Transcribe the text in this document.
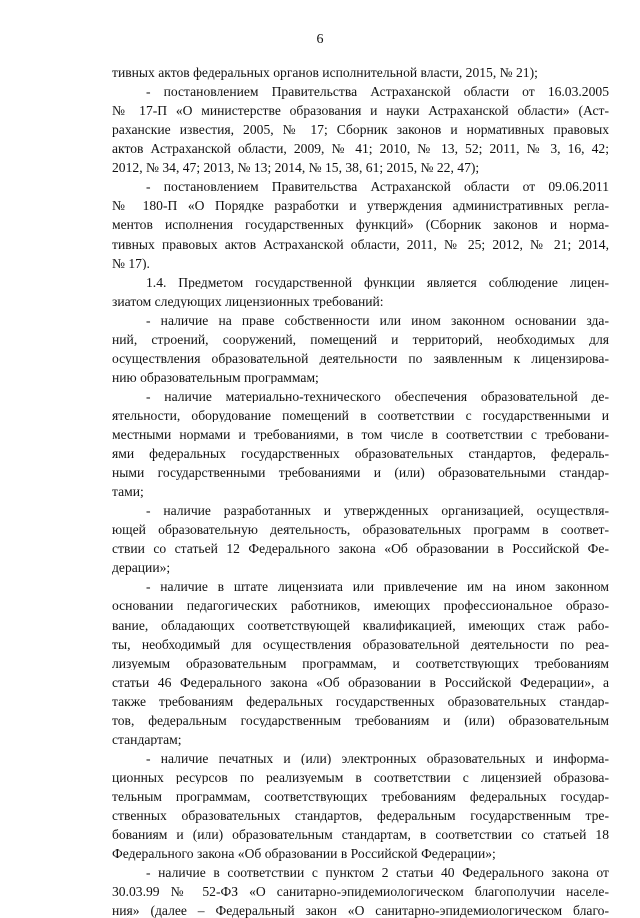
6
тивных актов федеральных органов исполнительной власти, 2015, № 21);
- постановлением Правительства Астраханской области от 16.03.2005
№ 17-П «О министерстве образования и науки Астраханской области» (Аст-
раханские известия, 2005, № 17; Сборник законов и нормативных правовых
актов Астраханской области, 2009, № 41; 2010, № 13, 52; 2011, № 3, 16, 42;
2012, № 34, 47; 2013, № 13; 2014, № 15, 38, 61; 2015, № 22, 47);
- постановлением Правительства Астраханской области от 09.06.2011
№ 180-П «О Порядке разработки и утверждения административных регла-
ментов исполнения государственных функций» (Сборник законов и норма-
тивных правовых актов Астраханской области, 2011, № 25; 2012, № 21; 2014,
№ 17).
1.4. Предметом государственной функции является соблюдение лицен-
зиатом следующих лицензионных требований:
- наличие на праве собственности или ином законном основании зда-
ний, строений, сооружений, помещений и территорий, необходимых для
осуществления образовательной деятельности по заявленным к лицензирова-
нию образовательным программам;
- наличие материально-технического обеспечения образовательной де-
ятельности, оборудование помещений в соответствии с государственными и
местными нормами и требованиями, в том числе в соответствии с требовани-
ями федеральных государственных образовательных стандартов, федераль-
ными государственными требованиями и (или) образовательными стандар-
тами;
- наличие разработанных и утвержденных организацией, осуществля-
ющей образовательную деятельность, образовательных программ в соответ-
ствии со статьей 12 Федерального закона «Об образовании в Российской Фе-
дерации»;
- наличие в штате лицензиата или привлечение им на ином законном
основании педагогических работников, имеющих профессиональное образо-
вание, обладающих соответствующей квалификацией, имеющих стаж рабо-
ты, необходимый для осуществления образовательной деятельности по реа-
лизуемым образовательным программам, и соответствующих требованиям
статьи 46 Федерального закона «Об образовании в Российской Федерации», а
также требованиям федеральных государственных образовательных стандар-
тов, федеральным государственным требованиям и (или) образовательным
стандартам;
- наличие печатных и (или) электронных образовательных и информа-
ционных ресурсов по реализуемым в соответствии с лицензией образова-
тельным программам, соответствующих требованиям федеральных государ-
ственных образовательных стандартов, федеральным государственным тре-
бованиям и (или) образовательным стандартам, в соответствии со статьей 18
Федерального закона «Об образовании в Российской Федерации»;
- наличие в соответствии с пунктом 2 статьи 40 Федерального закона от
30.03.99 № 52-ФЗ «О санитарно-эпидемиологическом благополучии населе-
ния» (далее – Федеральный закон «О санитарно-эпидемиологическом благо-
